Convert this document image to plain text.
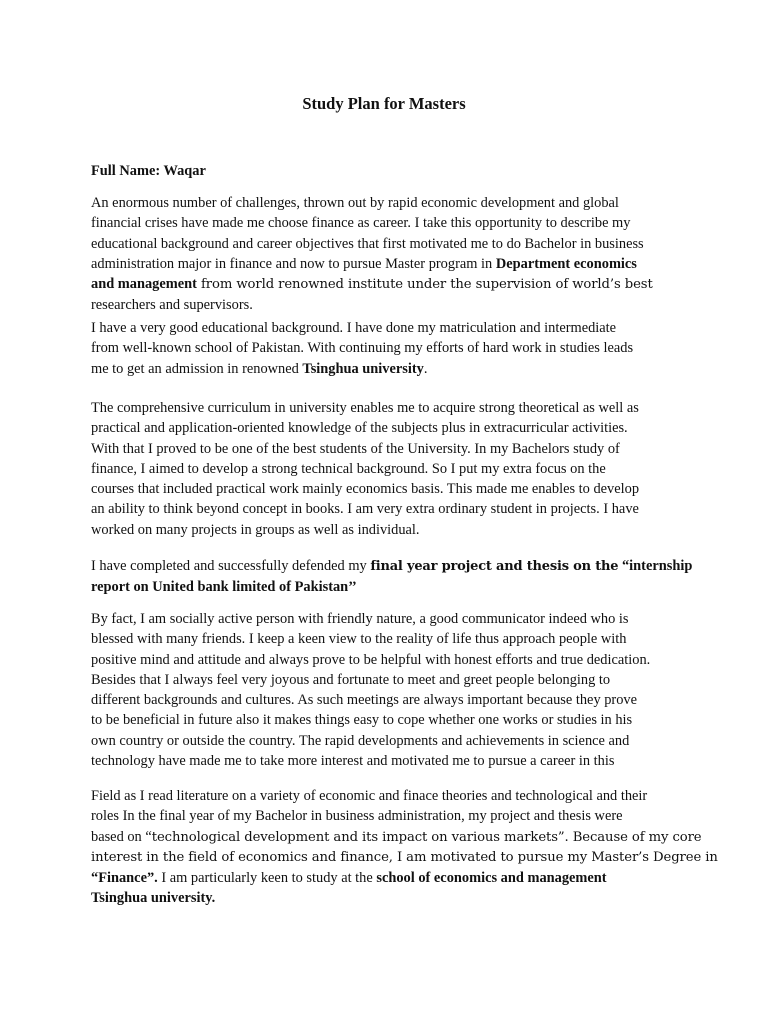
Study Plan for Masters

Full Name: Waqar

An enormous number of challenges, thrown out by rapid economic development and global
financial crises have made me choose finance as career. I take this opportunity to describe my
educational background and career objectives that first motivated me to do Bachelor in business
administration major in finance and now to pursue Master program in Department economics
and management from world renowned institute under the supervision of world’s best
researchers and supervisors.
I have a very good educational background. I have done my matriculation and intermediate
from well-known school of Pakistan. With continuing my efforts of hard work in studies leads
me to get an admission in renowned Tsinghua university.
The comprehensive curriculum in university enables me to acquire strong theoretical as well as
practical and application-oriented knowledge of the subjects plus in extracurricular activities.
With that I proved to be one of the best students of the University. In my Bachelors study of
finance, I aimed to develop a strong technical background. So I put my extra focus on the
courses that included practical work mainly economics basis. This made me enables to develop
an ability to think beyond concept in books. I am very extra ordinary student in projects. I have
worked on many projects in groups as well as individual.
I have completed and successfully defended my final year project and thesis on the “internship
report on United bank limited of Pakistan’’
By fact, I am socially active person with friendly nature, a good communicator indeed who is
blessed with many friends. I keep a keen view to the reality of life thus approach people with
positive mind and attitude and always prove to be helpful with honest efforts and true dedication.
Besides that I always feel very joyous and fortunate to meet and greet people belonging to
different backgrounds and cultures. As such meetings are always important because they prove
to be beneficial in future also it makes things easy to cope whether one works or studies in his
own country or outside the country. The rapid developments and achievements in science and
technology have made me to take more interest and motivated me to pursue a career in this
Field as I read literature on a variety of economic and finace theories and technological and their
roles In the final year of my Bachelor in business administration, my project and thesis were
based on “technological development and its impact on various markets”. Because of my core
interest in the field of economics and finance, I am motivated to pursue my Master’s Degree in
“Finance”. I am particularly keen to study at the school of economics and management
Tsinghua university.
